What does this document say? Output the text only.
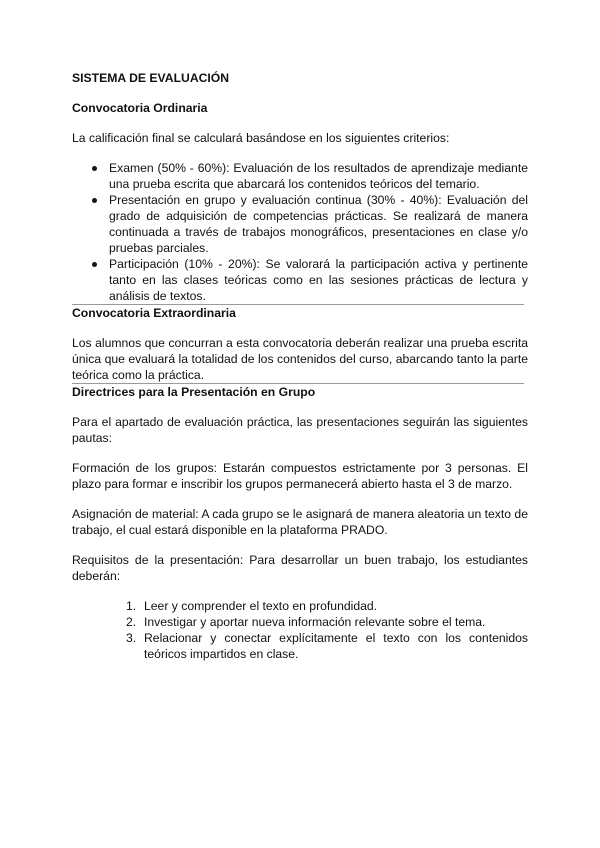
SISTEMA DE EVALUACIÓN
Convocatoria Ordinaria

La calificación final se calculará basándose en los siguientes criterios:

Examen (50% - 60%): Evaluación de los resultados de aprendizaje mediante una prueba escrita que abarcará los contenidos teóricos del temario.
Presentación en grupo y evaluación continua (30% - 40%): Evaluación del grado de adquisición de competencias prácticas. Se realizará de manera continuada a través de trabajos monográficos, presentaciones en clase y/o pruebas parciales.
Participación (10% - 20%): Se valorará la participación activa y pertinente tanto en las clases teóricas como en las sesiones prácticas de lectura y análisis de textos.
Convocatoria Extraordinaria

Los alumnos que concurran a esta convocatoria deberán realizar una prueba escrita única que evaluará la totalidad de los contenidos del curso, abarcando tanto la parte teórica como la práctica.

Directrices para la Presentación en Grupo

Para el apartado de evaluación práctica, las presentaciones seguirán las siguientes pautas:

Formación de los grupos: Estarán compuestos estrictamente por 3 personas. El plazo para formar e inscribir los grupos permanecerá abierto hasta el 3 de marzo.

Asignación de material: A cada grupo se le asignará de manera aleatoria un texto de trabajo, el cual estará disponible en la plataforma PRADO.

Requisitos de la presentación: Para desarrollar un buen trabajo, los estudiantes deberán:

1. Leer y comprender el texto en profundidad.
2. Investigar y aportar nueva información relevante sobre el tema.
3. Relacionar y conectar explícitamente el texto con los contenidos teóricos impartidos en clase.
